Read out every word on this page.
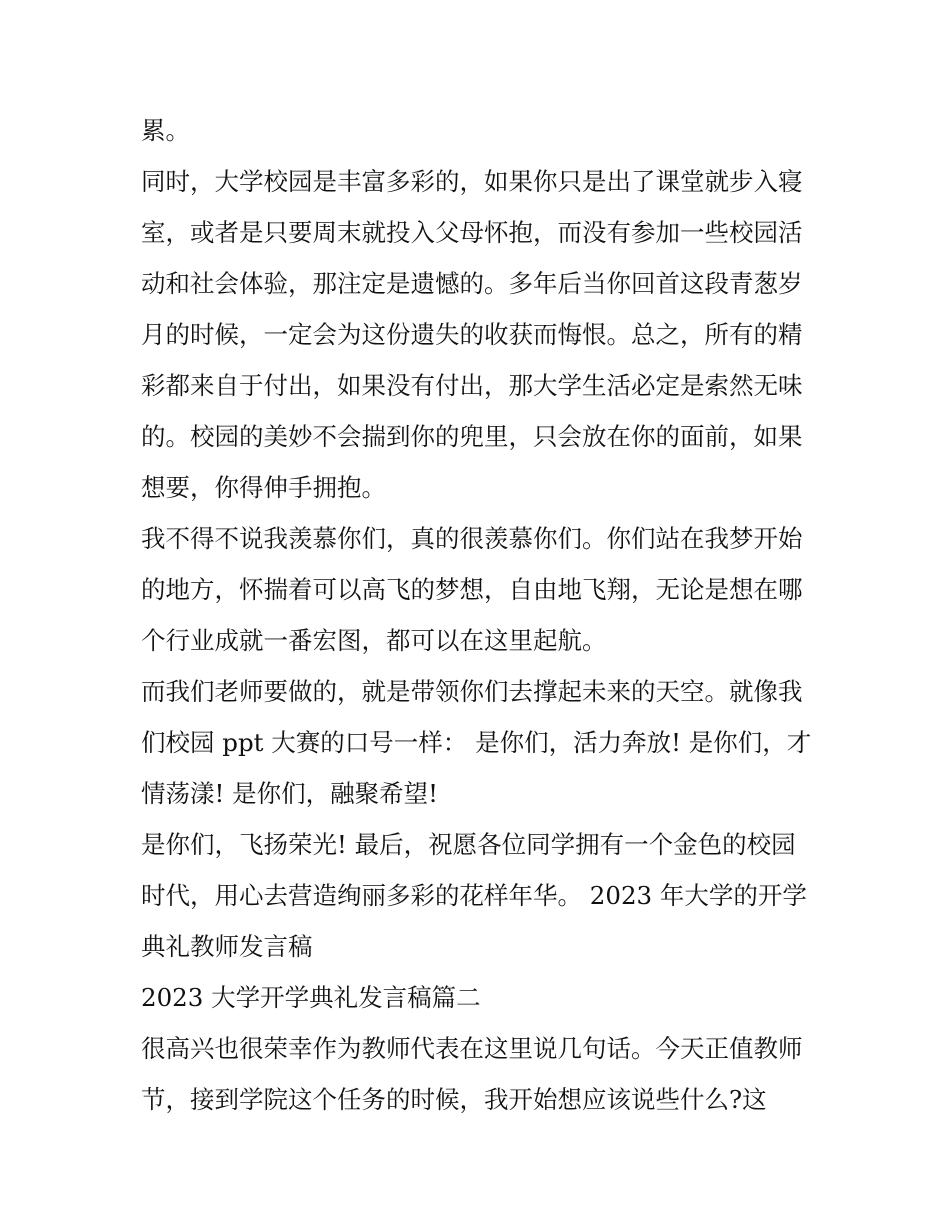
累。
同时，大学校园是丰富多彩的，如果你只是出了课堂就步入寝
室，或者是只要周末就投入父母怀抱，而没有参加一些校园活
动和社会体验，那注定是遗憾的。多年后当你回首这段青葱岁
月的时候，一定会为这份遗失的收获而悔恨。总之，所有的精
彩都来自于付出，如果没有付出，那大学生活必定是索然无味
的。校园的美妙不会揣到你的兜里，只会放在你的面前，如果
想要，你得伸手拥抱。
我不得不说我羡慕你们，真的很羡慕你们。你们站在我梦开始
的地方，怀揣着可以高飞的梦想，自由地飞翔，无论是想在哪
个行业成就一番宏图，都可以在这里起航。
而我们老师要做的，就是带领你们去撑起未来的天空。就像我
们校园 ppt 大赛的口号一样： 是你们，活力奔放! 是你们，才
情荡漾! 是你们，融聚希望!
是你们，飞扬荣光! 最后，祝愿各位同学拥有一个金色的校园
时代，用心去营造绚丽多彩的花样年华。 2023 年大学的开学
典礼教师发言稿
2023 大学开学典礼发言稿篇二
很高兴也很荣幸作为教师代表在这里说几句话。今天正值教师
节，接到学院这个任务的时候，我开始想应该说些什么?这
